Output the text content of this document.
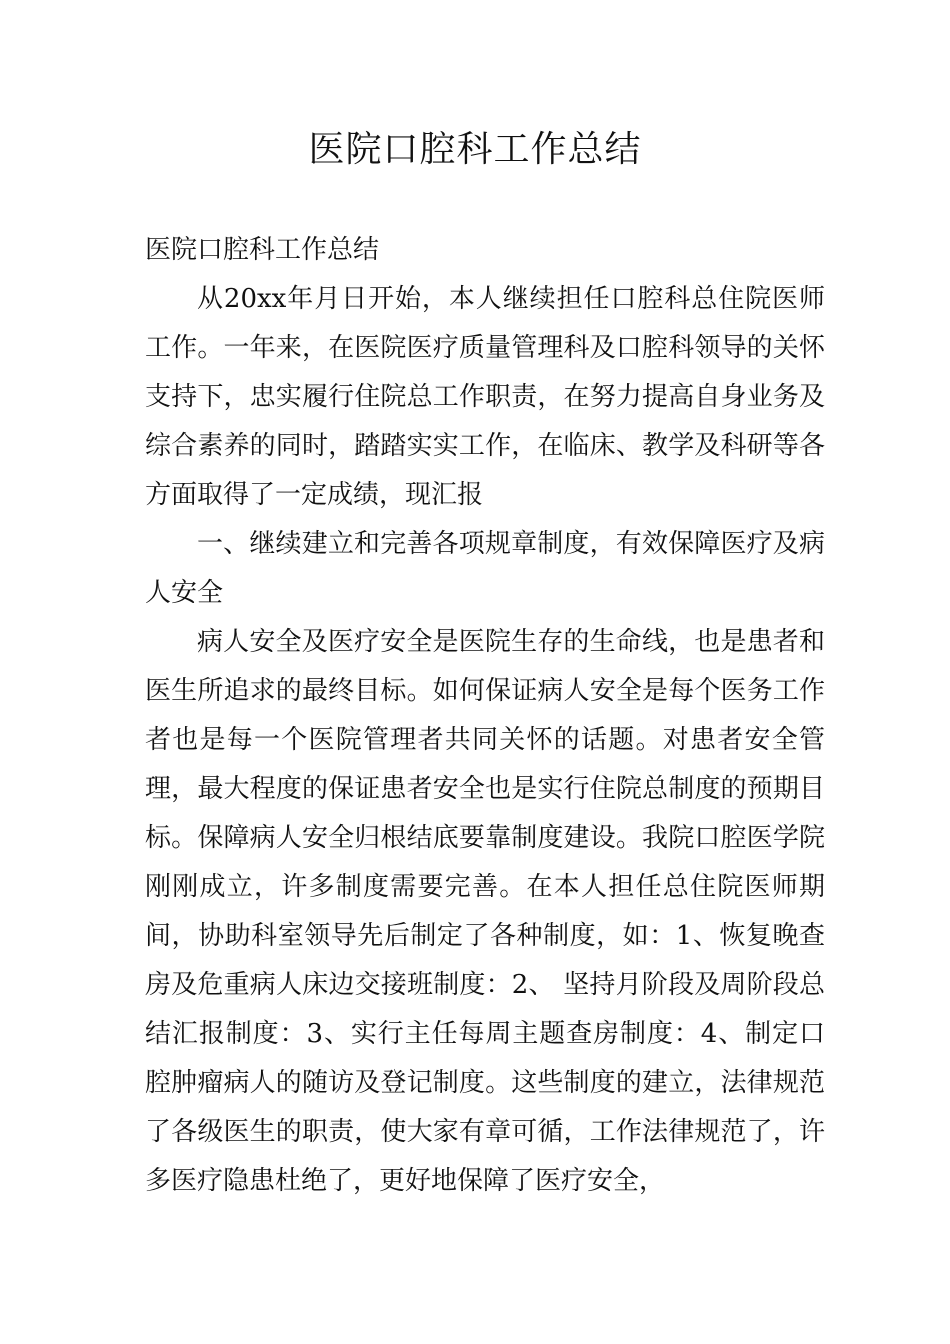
医院口腔科工作总结

医院口腔科工作总结

从20xx年月日开始，本人继续担任口腔科总住院医师工作。一年来，在医院医疗质量管理科及口腔科领导的关怀支持下，忠实履行住院总工作职责，在努力提高自身业务及综合素养的同时，踏踏实实工作，在临床、教学及科研等各方面取得了一定成绩，现汇报

一、继续建立和完善各项规章制度，有效保障医疗及病人安全

病人安全及医疗安全是医院生存的生命线，也是患者和医生所追求的最终目标。如何保证病人安全是每个医务工作者也是每一个医院管理者共同关怀的话题。对患者安全管理，最大程度的保证患者安全也是实行住院总制度的预期目标。保障病人安全归根结底要靠制度建设。我院口腔医学院刚刚成立，许多制度需要完善。在本人担任总住院医师期间，协助科室领导先后制定了各种制度，如：1、恢复晚查房及危重病人床边交接班制度：2、 坚持月阶段及周阶段总结汇报制度：3、实行主任每周主题查房制度：4、制定口腔肿瘤病人的随访及登记制度。这些制度的建立，法律规范了各级医生的职责，使大家有章可循，工作法律规范了，许多医疗隐患杜绝了，更好地保障了医疗安全，
